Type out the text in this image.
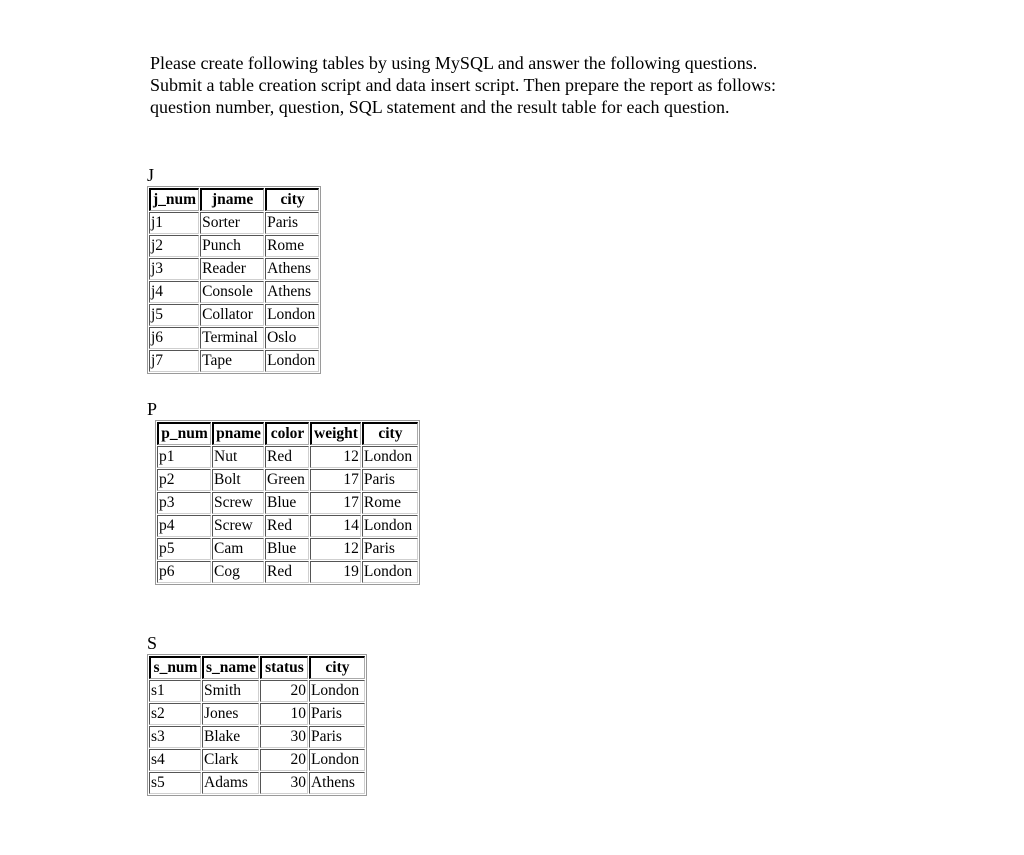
Please create following tables by using MySQL and answer the following questions.

Submit a table creation script and data insert script. Then prepare the report as follows:

question number, question, SQL statement and the result table for each question.

J
j_num	jname	city
j1	Sorter	Paris
j2	Punch	Rome
j3	Reader	Athens
j4	Console	Athens
j5	Collator	London
j6	Terminal	Oslo
j7	Tape	London
P
p_num	pname	color	weight	city
p1	Nut	Red	12	London
p2	Bolt	Green	17	Paris
p3	Screw	Blue	17	Rome
p4	Screw	Red	14	London
p5	Cam	Blue	12	Paris
p6	Cog	Red	19	London
S
s_num	s_name	status	city
s1	Smith	20	London
s2	Jones	10	Paris
s3	Blake	30	Paris
s4	Clark	20	London
s5	Adams	30	Athens
